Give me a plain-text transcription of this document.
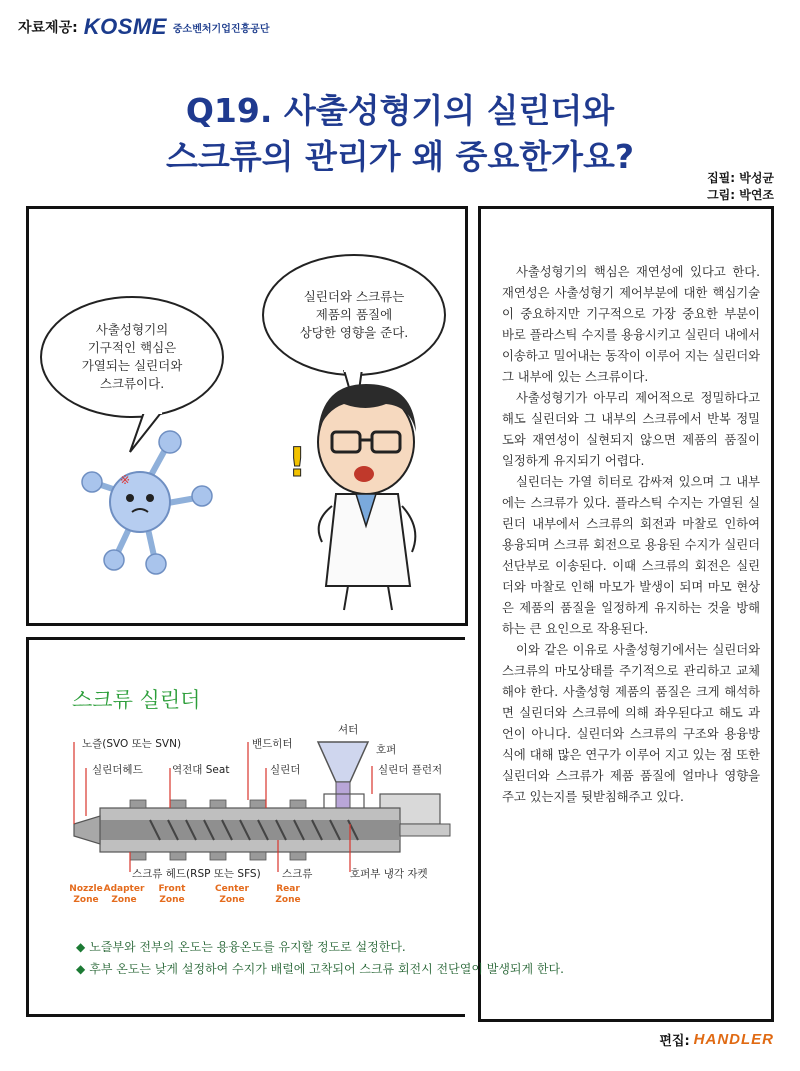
자료제공: KOSME 중소벤처기업진흥공단
Q19. 사출성형기의 실린더와
스크류의 관리가 왜 중요한가요?
집필: 박성균
그림: 박연조
사출성형기의
기구적인 핵심은
가열되는 실린더와
스크류이다.
실린더와 스크류는
제품의 품질에
상당한 영향을 준다.
※	!

사출성형기의 핵심은 재연성에 있다고 한다. 재연성은 사출성형기 제어부분에 대한 핵심기술이 중요하지만 기구적으로 가장 중요한 부분이 바로 플라스틱 수지를 용융시키고 실린더 내에서 이송하고 밀어내는 동작이 이루어 지는 실린더와 그 내부에 있는 스크류이다.

사출성형기가 아무리 제어적으로 정밀하다고 해도 실린더와 그 내부의 스크류에서 반복 정밀도와 재연성이 실현되지 않으면 제품의 품질이 일정하게 유지되기 어렵다.

실린더는 가열 히터로 감싸져 있으며 그 내부에는 스크류가 있다. 플라스틱 수지는 가열된 실린더 내부에서 스크류의 회전과 마찰로 인하여 용융되며 스크류 회전으로 용융된 수지가 실린더 선단부로 이송된다. 이때 스크류의 회전은 실린더와 마찰로 인해 마모가 발생이 되며 마모 현상은 제품의 품질을 일정하게 유지하는 것을 방해하는 큰 요인으로 작용된다.

이와 같은 이유로 사출성형기에서는 실린더와 스크류의 마모상태를 주기적으로 관리하고 교체해야 한다. 사출성형 제품의 품질은 크게 해석하면 실린더와 스크류에 의해 좌우된다고 해도 과언이 아니다. 실린더와 스크류의 구조와 용융방식에 대해 많은 연구가 이루어 지고 있는 점 또한 실린더와 스크류가 제품 품질에 얼마나 영향을 주고 있는지를 뒷받침해주고 있다.

스크류 실린더
노즐(SVO 또는 SVN)	밴드히터
셔터
호퍼
실린더헤드	역전대 Seat	실린더	실린더 플런저
스크류 헤드(RSP 또는 SFS) 스크류	호퍼부 냉각 자켓
Nozzle
Zone
Adapter
Zone
Front
Zone
Center
Zone
Rear
Zone
◆ 노즐부와 전부의 온도는 용융온도를 유지할 정도로 설정한다.
◆ 후부 온도는 낮게 설정하여 수지가 배럴에 고착되어 스크류 회전시 전단열이 발생되게 한다.
편집: HANDLER
